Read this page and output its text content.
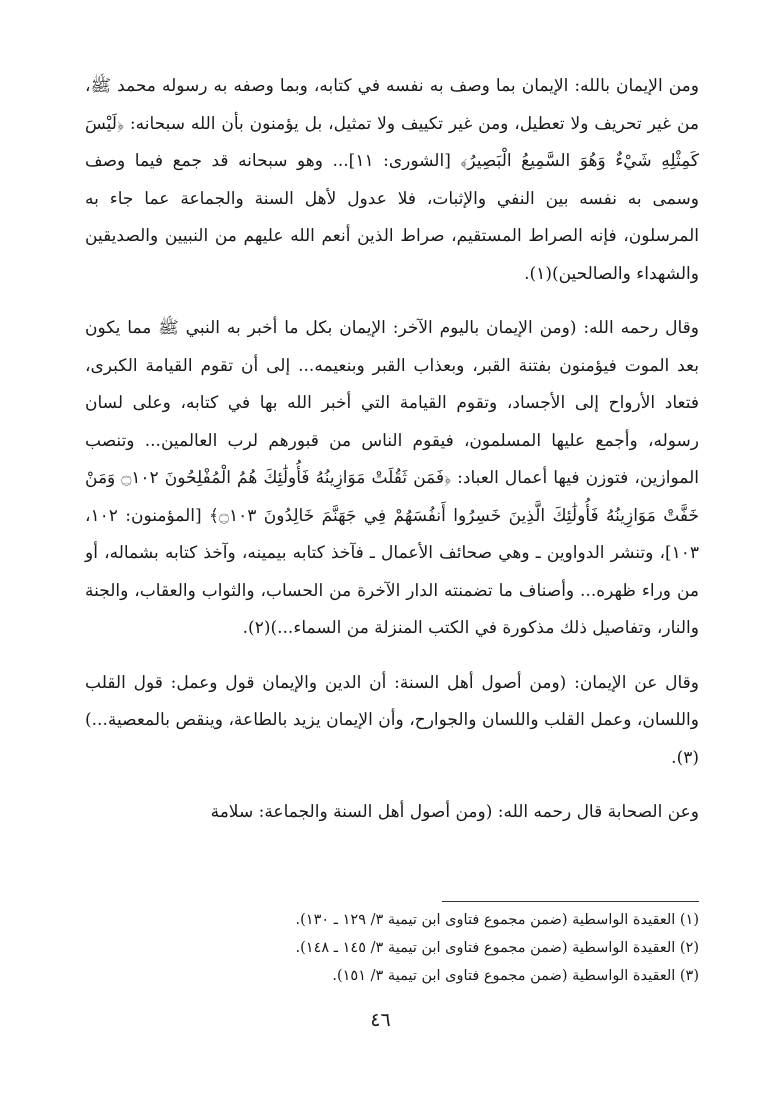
ومن الإيمان بالله: الإيمان بما وصف به نفسه في كتابه، وبما وصفه به رسوله محمد ﷺ، من غير تحريف ولا تعطيل، ومن غير تكييف ولا تمثيل، بل يؤمنون بأن الله سبحانه: ﴿لَيْسَ كَمِثْلِهِ شَيْءٌ وَهُوَ السَّمِيعُ الْبَصِيرُ﴾ [الشورى: ١١]... وهو سبحانه قد جمع فيما وصف وسمى به نفسه بين النفي والإثبات، فلا عدول لأهل السنة والجماعة عما جاء به المرسلون، فإنه الصراط المستقيم، صراط الذين أنعم الله عليهم من النبيين والصديقين والشهداء والصالحين)(١).

وقال رحمه الله: (ومن الإيمان باليوم الآخر: الإيمان بكل ما أخبر به النبي ﷺ مما يكون بعد الموت فيؤمنون بفتنة القبر، وبعذاب القبر وبنعيمه... إلى أن تقوم القيامة الكبرى، فتعاد الأرواح إلى الأجساد، وتقوم القيامة التي أخبر الله بها في كتابه، وعلى لسان رسوله، وأجمع عليها المسلمون، فيقوم الناس من قبورهم لرب العالمين... وتنصب الموازين، فتوزن فيها أعمال العباد: ﴿فَمَن ثَقُلَتْ مَوَازِينُهُ فَأُولَٰئِكَ هُمُ الْمُفْلِحُونَ ۝١٠٢ وَمَنْ خَفَّتْ مَوَازِينُهُ فَأُولَٰئِكَ الَّذِينَ خَسِرُوا أَنفُسَهُمْ فِي جَهَنَّمَ خَالِدُونَ ۝١٠٣﴾ [المؤمنون: ١٠٢، ١٠٣]، وتنشر الدواوين ـ وهي صحائف الأعمال ـ فآخذ كتابه بيمينه، وآخذ كتابه بشماله، أو من وراء ظهره... وأصناف ما تضمنته الدار الآخرة من الحساب، والثواب والعقاب، والجنة والنار، وتفاصيل ذلك مذكورة في الكتب المنزلة من السماء...)(٢).

وقال عن الإيمان: (ومن أصول أهل السنة: أن الدين والإيمان قول وعمل: قول القلب واللسان، وعمل القلب واللسان والجوارح، وأن الإيمان يزيد بالطاعة، وينقص بالمعصية...)(٣).

وعن الصحابة قال رحمه الله: (ومن أصول أهل السنة والجماعة: سلامة

(١) العقيدة الواسطية (ضمن مجموع فتاوى ابن تيمية ٣/ ١٢٩ ـ ١٣٠).

(٢) العقيدة الواسطية (ضمن مجموع فتاوى ابن تيمية ٣/ ١٤٥ ـ ١٤٨).

(٣) العقيدة الواسطية (ضمن مجموع فتاوى ابن تيمية ٣/ ١٥١).

٤٦
